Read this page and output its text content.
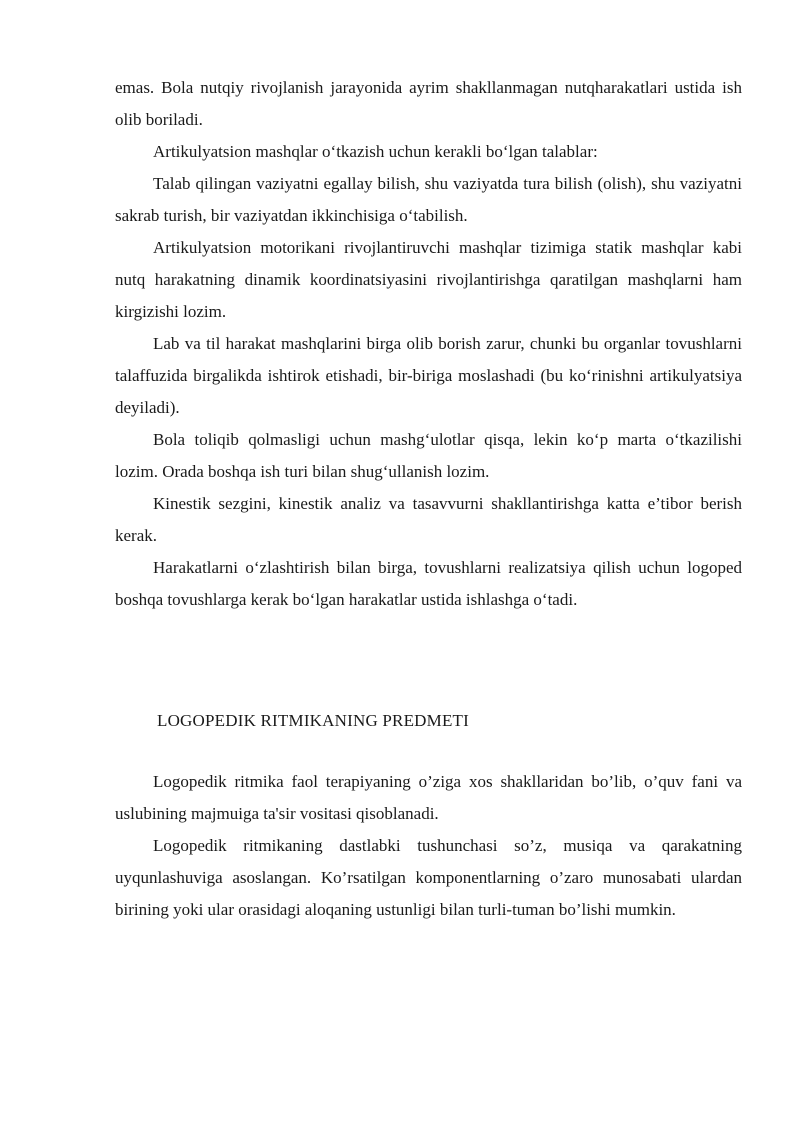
emas. Bola nutqiy rivojlanish jarayonida ayrim shakllanmagan nutqharakatlari ustida ish olib boriladi.

Artikulyatsion mashqlar o‘tkazish uchun kerakli bo‘lgan talablar:

Talab qilingan vaziyatni egallay bilish, shu vaziyatda tura bilish (olish), shu vaziyatni sakrab turish, bir vaziyatdan ikkinchisiga o‘tabilish.

Artikulyatsion motorikani rivojlantiruvchi mashqlar tizimiga statik mashqlar kabi nutq harakatning dinamik koordinatsiyasini rivojlantirishga qaratilgan mashqlarni ham kirgizishi lozim.

Lab va til harakat mashqlarini birga olib borish zarur, chunki bu organlar tovushlarni talaffuzida birgalikda ishtirok etishadi, bir-biriga moslashadi (bu ko‘rinishni artikulyatsiya deyiladi).

Bola toliqib qolmasligi uchun mashg‘ulotlar qisqa, lekin ko‘p marta o‘tkazilishi lozim. Orada boshqa ish turi bilan shug‘ullanish lozim.

Kinestik sezgini, kinestik analiz va tasavvurni shakllantirishga katta e’tibor berish kerak.

Harakatlarni o‘zlashtirish bilan birga, tovushlarni realizatsiya qilish uchun logoped boshqa tovushlarga kerak bo‘lgan harakatlar ustida ishlashga o‘tadi.

LOGOPEDIK RITMIKANING PREDMETI

Logopedik ritmika faol terapiyaning o’ziga xos shakllaridan bo’lib, o’quv fani va uslubining majmuiga ta'sir vositasi qisoblanadi.

Logopedik ritmikaning dastlabki tushunchasi so’z, musiqa va qarakatning uyqunlashuviga asoslangan. Ko’rsatilgan komponentlarning o’zaro munosabati ulardan birining yoki ular orasidagi aloqaning ustunligi bilan turli-tuman bo’lishi mumkin.
